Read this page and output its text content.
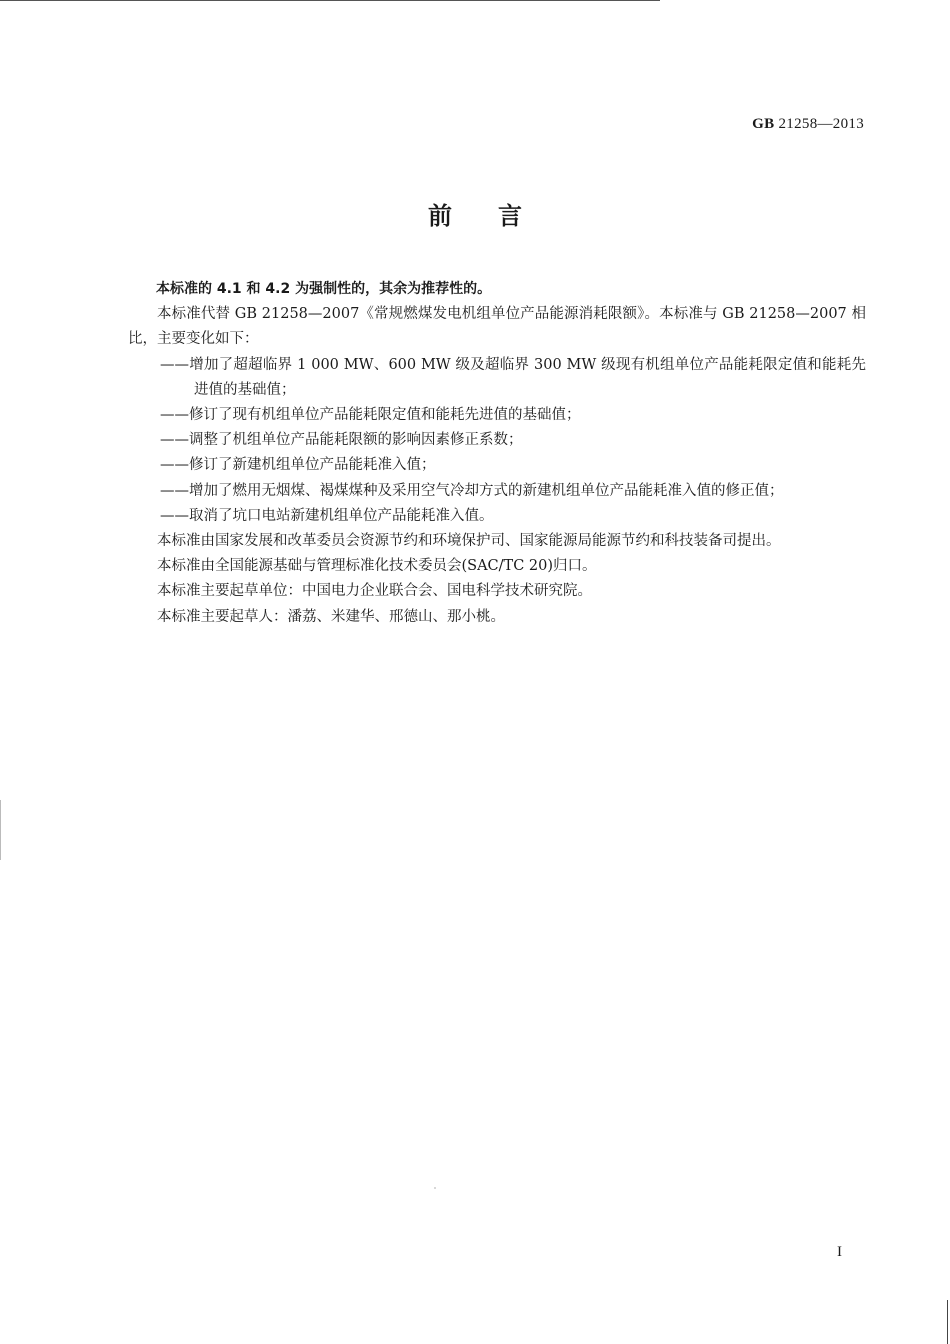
GB 21258—2013
前言

本标准的 4.1 和 4.2 为强制性的，其余为推荐性的。

本标准代替 GB 21258—2007《常规燃煤发电机组单位产品能源消耗限额》。本标准与 GB 21258—2007 相比，主要变化如下：

——增加了超超临界 1 000 MW、600 MW 级及超临界 300 MW 级现有机组单位产品能耗限定值和能耗先进值的基础值；

——修订了现有机组单位产品能耗限定值和能耗先进值的基础值；

——调整了机组单位产品能耗限额的影响因素修正系数；

——修订了新建机组单位产品能耗准入值；

——增加了燃用无烟煤、褐煤煤种及采用空气冷却方式的新建机组单位产品能耗准入值的修正值；

——取消了坑口电站新建机组单位产品能耗准入值。

本标准由国家发展和改革委员会资源节约和环境保护司、国家能源局能源节约和科技装备司提出。

本标准由全国能源基础与管理标准化技术委员会(SAC/TC 20)归口。

本标准主要起草单位：中国电力企业联合会、国电科学技术研究院。

本标准主要起草人：潘荔、米建华、邢德山、那小桃。

I
